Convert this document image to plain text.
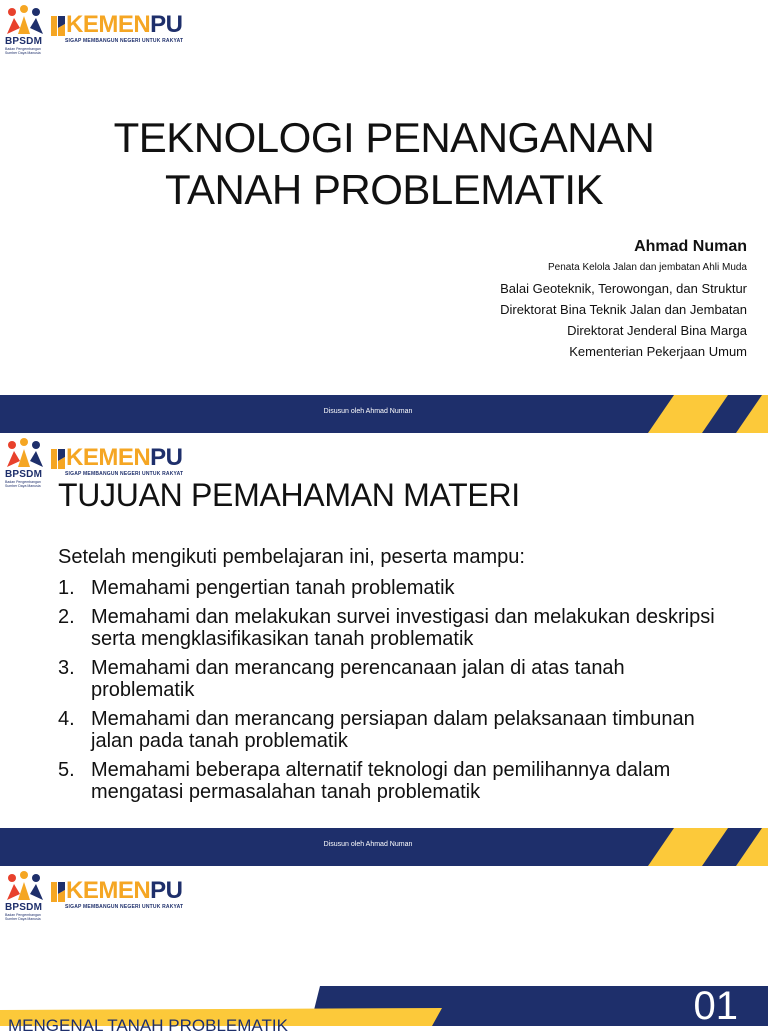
BPSDM
Badan Pengembangan Sumber Daya Manusia
KEMENPU
SIGAP MEMBANGUN NEGERI UNTUK RAKYAT
TEKNOLOGI PENANGANAN
TANAH PROBLEMATIK
Ahmad Numan
Penata Kelola Jalan dan jembatan Ahli Muda
Balai Geoteknik, Terowongan, dan Struktur
Direktorat Bina Teknik Jalan dan Jembatan
Direktorat Jenderal Bina Marga
Kementerian Pekerjaan Umum
Disusun oleh Ahmad Numan
BPSDM
Badan Pengembangan Sumber Daya Manusia
KEMENPU
SIGAP MEMBANGUN NEGERI UNTUK RAKYAT
TUJUAN PEMAHAMAN MATERI
Setelah mengikuti pembelajaran ini, peserta mampu:
1. Memahami pengertian tanah problematik
2. Memahami dan melakukan survei investigasi dan melakukan deskripsi serta mengklasifikasikan tanah problematik
3. Memahami dan merancang perencanaan jalan di atas tanah problematik
4. Memahami dan merancang persiapan dalam pelaksanaan timbunan jalan pada tanah problematik
5. Memahami beberapa alternatif teknologi dan pemilihannya dalam mengatasi permasalahan tanah problematik
Disusun oleh Ahmad Numan
BPSDM
Badan Pengembangan Sumber Daya Manusia
KEMENPU
SIGAP MEMBANGUN NEGERI UNTUK RAKYAT
MENGENAL TANAH PROBLEMATIK	01
